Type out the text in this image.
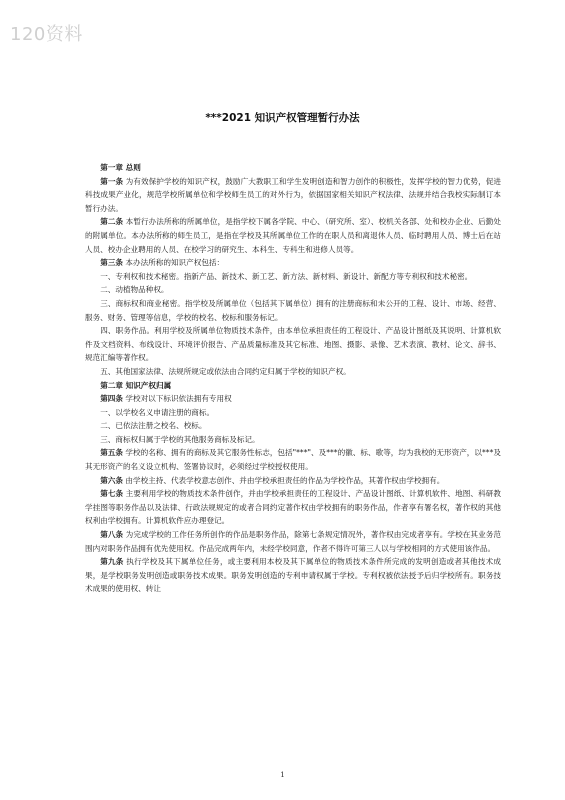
120资料
***2021 知识产权管理暂行办法

第一章 总则

第一条 为有效保护学校的知识产权，鼓励广大教职工和学生发明创造和智力创作的积极性，发挥学校的智力优势，促进科技成果产业化，规范学校所属单位和学校师生员工的对外行为，依据国家相关知识产权法律、法规并结合我校实际制订本暂行办法。

第二条 本暂行办法所称的所属单位，是指学校下属各学院、中心、（研究所、室）、校机关各部、处和校办企业、后勤处的附属单位。本办法所称的师生员工，是指在学校及其所属单位工作的在职人员和离退休人员、临时聘用人员、博士后在站人员、校办企业聘用的人员、在校学习的研究生、本科生、专科生和进修人员等。

第三条 本办法所称的知识产权包括：

一、专利权和技术秘密。指新产品、新技术、新工艺、新方法、新材料、新设计、新配方等专利权和技术秘密。

二、动植物品种权。

三、商标权和商业秘密。指学校及所属单位（包括其下属单位）拥有的注册商标和未公开的工程、设计、市场、经营、服务、财务、管理等信息，学校的校名、校标和服务标记。

四、职务作品。利用学校及所属单位物质技术条件，由本单位承担责任的工程设计、产品设计图纸及其说明、计算机软件及文档资料、布线设计、环境评价报告、产品质量标准及其它标准、地图、摄影、录像、艺术表演、教材、论文、辞书、规范汇编等著作权。

五、其他国家法律、法规所规定或依法由合同约定归属于学校的知识产权。

第二章 知识产权归属

第四条 学校对以下标识依法拥有专用权

一、以学校名义申请注册的商标。

二、已依法注册之校名、校标。

三、商标权归属于学校的其他服务商标及标记。

第五条 学校的名称、拥有的商标及其它服务性标志，包括"***"、及***的徽、标、歌等，均为我校的无形资产，以***及其无形资产的名义设立机构、签署协议时，必须经过学校授权使用。

第六条 由学校主持、代表学校意志创作、并由学校承担责任的作品为学校作品，其著作权由学校拥有。

第七条 主要利用学校的物质技术条件创作，并由学校承担责任的工程设计、产品设计图纸、计算机软件、地图、科研教学挂图等职务作品以及法律、行政法规规定的或者合同约定著作权由学校拥有的职务作品，作者享有署名权，著作权的其他权利由学校拥有。计算机软件应办理登记。

第八条 为完成学校的工作任务所创作的作品是职务作品，除第七条规定情况外，著作权由完成者享有。学校在其业务范围内对职务作品拥有优先使用权。作品完成两年内，未经学校同意，作者不得许可第三人以与学校相同的方式使用该作品。

第九条 执行学校及其下属单位任务，或主要利用本校及其下属单位的物质技术条件所完成的发明创造或者其他技术成果，是学校职务发明创造或职务技术成果。职务发明创造的专利申请权属于学校。专利权被依法授予后归学校所有。职务技术成果的使用权、转让

1
